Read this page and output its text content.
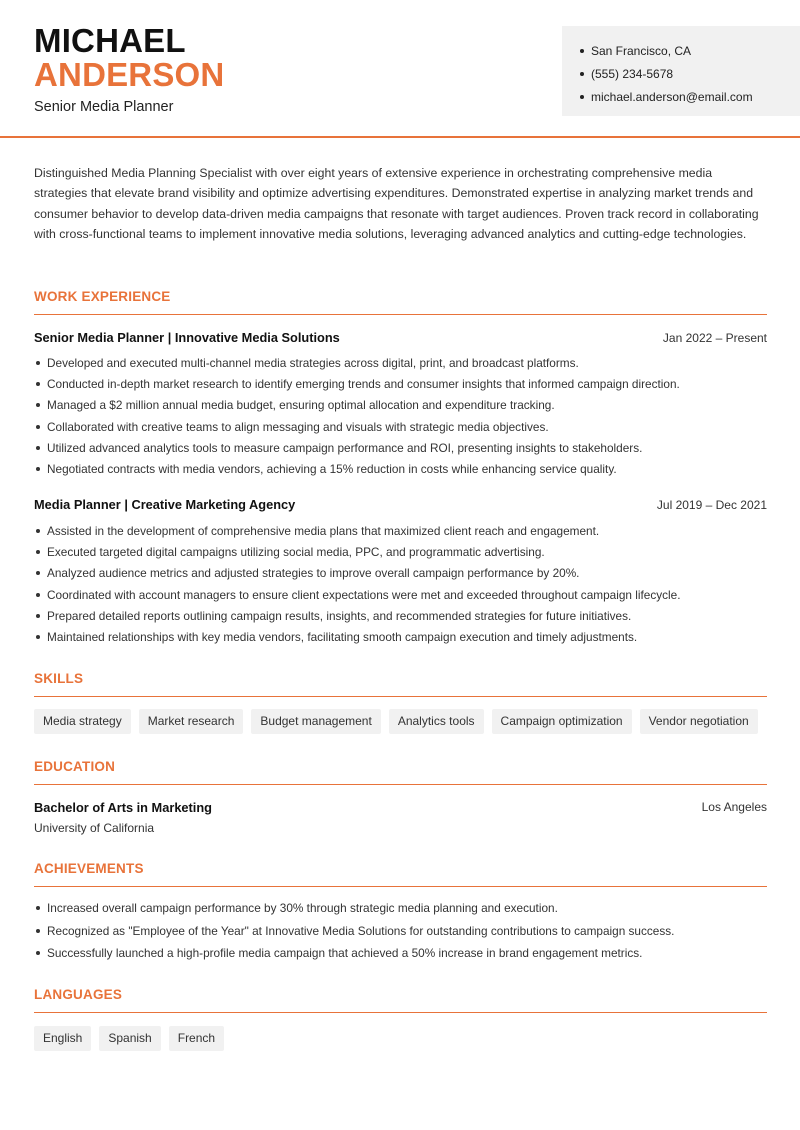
MICHAEL
ANDERSON
Senior Media Planner
San Francisco, CA
(555) 234-5678
michael.anderson@email.com

Distinguished Media Planning Specialist with over eight years of extensive experience in orchestrating comprehensive media strategies that elevate brand visibility and optimize advertising expenditures. Demonstrated expertise in analyzing market trends and consumer behavior to develop data-driven media campaigns that resonate with target audiences. Proven track record in collaborating with cross-functional teams to implement innovative media solutions, leveraging advanced analytics and cutting-edge technologies.

WORK EXPERIENCE
Senior Media Planner | Innovative Media Solutions	Jan 2022 – Present
Developed and executed multi-channel media strategies across digital, print, and broadcast platforms.
Conducted in-depth market research to identify emerging trends and consumer insights that informed campaign direction.
Managed a $2 million annual media budget, ensuring optimal allocation and expenditure tracking.
Collaborated with creative teams to align messaging and visuals with strategic media objectives.
Utilized advanced analytics tools to measure campaign performance and ROI, presenting insights to stakeholders.
Negotiated contracts with media vendors, achieving a 15% reduction in costs while enhancing service quality.
Media Planner | Creative Marketing Agency	Jul 2019 – Dec 2021
Assisted in the development of comprehensive media plans that maximized client reach and engagement.
Executed targeted digital campaigns utilizing social media, PPC, and programmatic advertising.
Analyzed audience metrics and adjusted strategies to improve overall campaign performance by 20%.
Coordinated with account managers to ensure client expectations were met and exceeded throughout campaign lifecycle.
Prepared detailed reports outlining campaign results, insights, and recommended strategies for future initiatives.
Maintained relationships with key media vendors, facilitating smooth campaign execution and timely adjustments.
SKILLS
Media strategy	Market research	Budget management	Analytics tools	Campaign optimization	Vendor negotiation
EDUCATION
Bachelor of Arts in Marketing	Los Angeles
University of California
ACHIEVEMENTS
Increased overall campaign performance by 30% through strategic media planning and execution.
Recognized as "Employee of the Year" at Innovative Media Solutions for outstanding contributions to campaign success.
Successfully launched a high-profile media campaign that achieved a 50% increase in brand engagement metrics.
LANGUAGES
English	Spanish	French
